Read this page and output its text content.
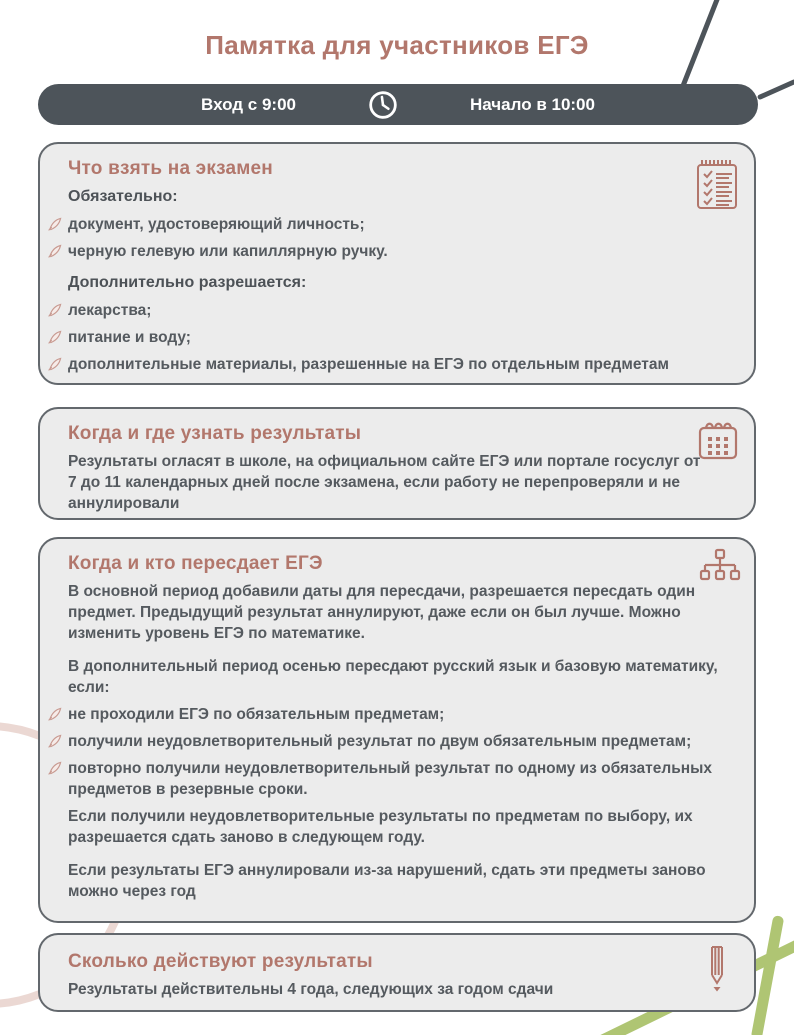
Памятка для участников ЕГЭ
Вход с 9:00	Начало в 10:00
Что взять на экзамен
Обязательно:
документ, удостоверяющий личность;
черную гелевую или капиллярную ручку.
Дополнительно разрешается:
лекарства;
питание и воду;
дополнительные материалы, разрешенные на ЕГЭ по отдельным предметам
Когда и где узнать результаты

Результаты огласят в школе, на официальном сайте ЕГЭ или портале госуслуг от 7 до 11 календарных дней после экзамена, если работу не перепроверяли и не аннулировали

Когда и кто пересдает ЕГЭ

В основной период добавили даты для пересдачи, разрешается пересдать один предмет. Предыдущий результат аннулируют, даже если он был лучше. Можно изменить уровень ЕГЭ по математике.

В дополнительный период осенью пересдают русский язык и базовую математику, если:

не проходили ЕГЭ по обязательным предметам;
получили неудовлетворительный результат по двум обязательным предметам;
повторно получили неудовлетворительный результат по одному из обязательных предметов в резервные сроки.

Если получили неудовлетворительные результаты по предметам по выбору, их разрешается сдать заново в следующем году.

Если результаты ЕГЭ аннулировали из-за нарушений, сдать эти предметы заново можно через год

Сколько действуют результаты

Результаты действительны 4 года, следующих за годом сдачи
